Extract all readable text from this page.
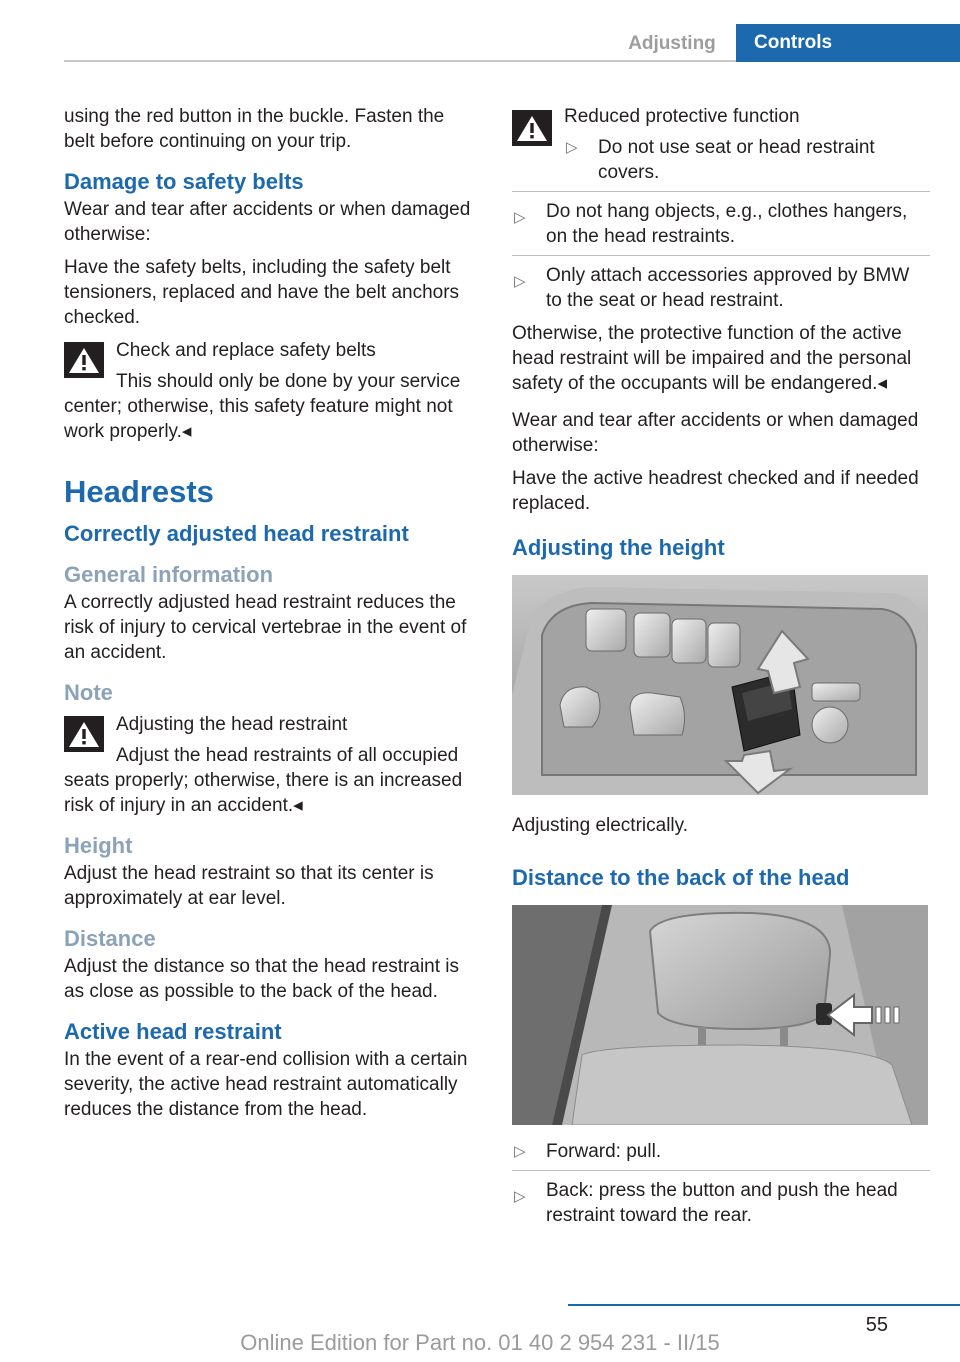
Adjusting	Controls

using the red button in the buckle. Fasten the belt before continuing on your trip.

Damage to safety belts

Wear and tear after accidents or when damaged otherwise:

Have the safety belts, including the safety belt tensioners, replaced and have the belt anchors checked.

Check and replace safety belts

This should only be done by your service center; otherwise, this safety feature might not work properly.◂

Headrests
Correctly adjusted head restraint
General information

A correctly adjusted head restraint reduces the risk of injury to cervical vertebrae in the event of an accident.

Note

Adjusting the head restraint

Adjust the head restraints of all occupied seats properly; otherwise, there is an increased risk of injury in an accident.◂

Height

Adjust the head restraint so that its center is approximately at ear level.

Distance

Adjust the distance so that the head restraint is as close as possible to the back of the head.

Active head restraint

In the event of a rear-end collision with a certain severity, the active head restraint automatically reduces the distance from the head.

Reduced protective function

▷ Do not use seat or head restraint covers.
▷ Do not hang objects, e.g., clothes hangers, on the head restraints.
▷ Only attach accessories approved by BMW to the seat or head restraint.

Otherwise, the protective function of the active head restraint will be impaired and the personal safety of the occupants will be endangered.◂

Wear and tear after accidents or when damaged otherwise:

Have the active headrest checked and if needed replaced.

Adjusting the height

Adjusting electrically.

Distance to the back of the head
▷ Forward: pull.
▷ Back: press the button and push the head restraint toward the rear.
55
Online Edition for Part no. 01 40 2 954 231 - II/15
